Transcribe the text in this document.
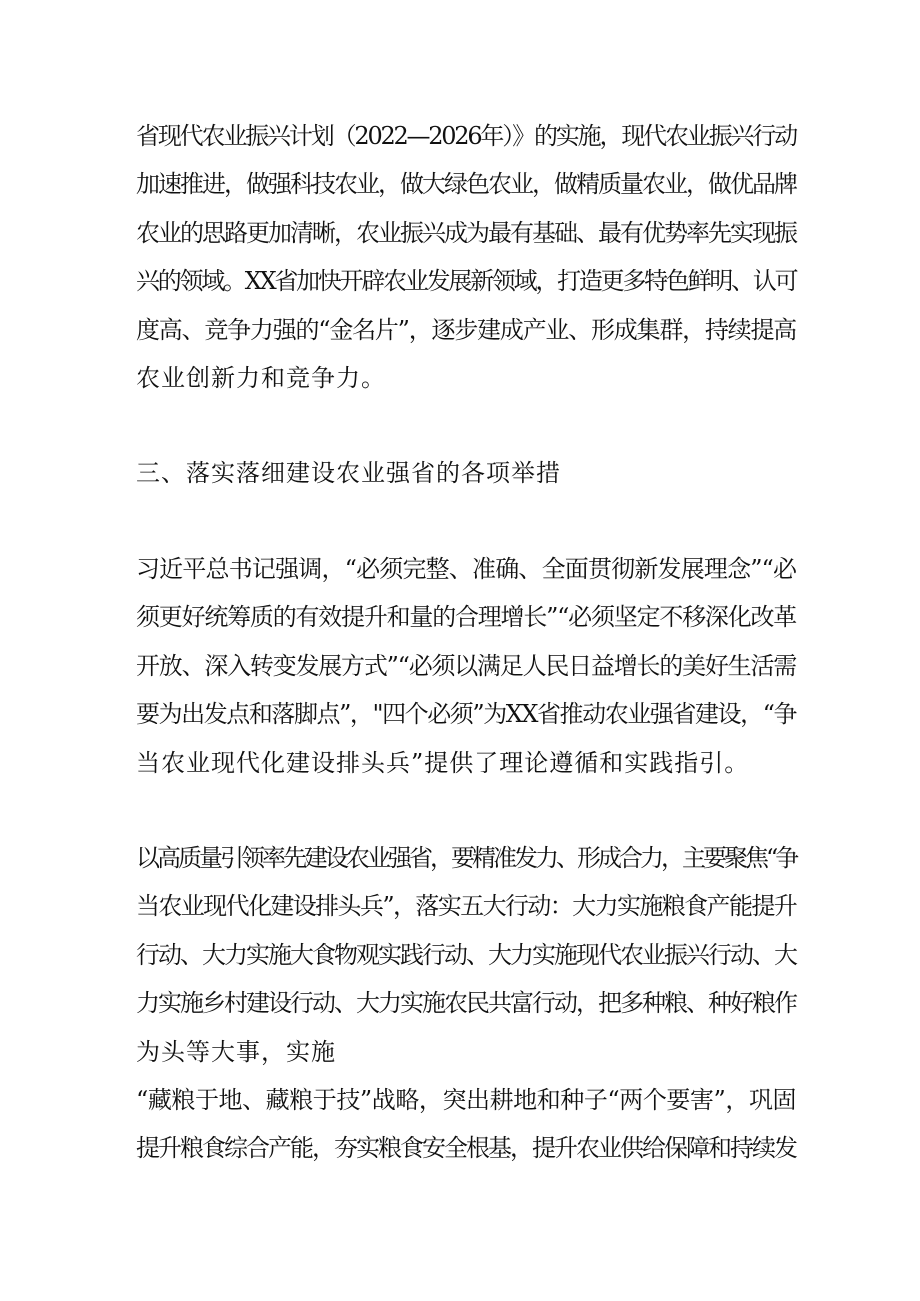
省现代农业振兴计划（2022—2026年）》的实施，现代农业振兴行动
加速推进，做强科技农业，做大绿色农业，做精质量农业，做优品牌
农业的思路更加清晰，农业振兴成为最有基础、最有优势率先实现振
兴的领域。XX省加快开辟农业发展新领域，打造更多特色鲜明、认可
度高、竞争力强的“金名片”，逐步建成产业、形成集群，持续提高
农业创新力和竞争力。
三、落实落细建设农业强省的各项举措
习近平总书记强调，“必须完整、准确、全面贯彻新发展理念”“必
须更好统筹质的有效提升和量的合理增长”“必须坚定不移深化改革
开放、深入转变发展方式”“必须以满足人民日益增长的美好生活需
要为出发点和落脚点”，"四个必须”为XX省推动农业强省建设，“争
当农业现代化建设排头兵”提供了理论遵循和实践指引。
以高质量引领率先建设农业强省，要精准发力、形成合力，主要聚焦“争
当农业现代化建设排头兵”，落实五大行动：大力实施粮食产能提升
行动、大力实施大食物观实践行动、大力实施现代农业振兴行动、大
力实施乡村建设行动、大力实施农民共富行动，把多种粮、种好粮作
为头等大事，实施
“藏粮于地、藏粮于技”战略，突出耕地和种子“两个要害”，巩固
提升粮食综合产能，夯实粮食安全根基，提升农业供给保障和持续发
